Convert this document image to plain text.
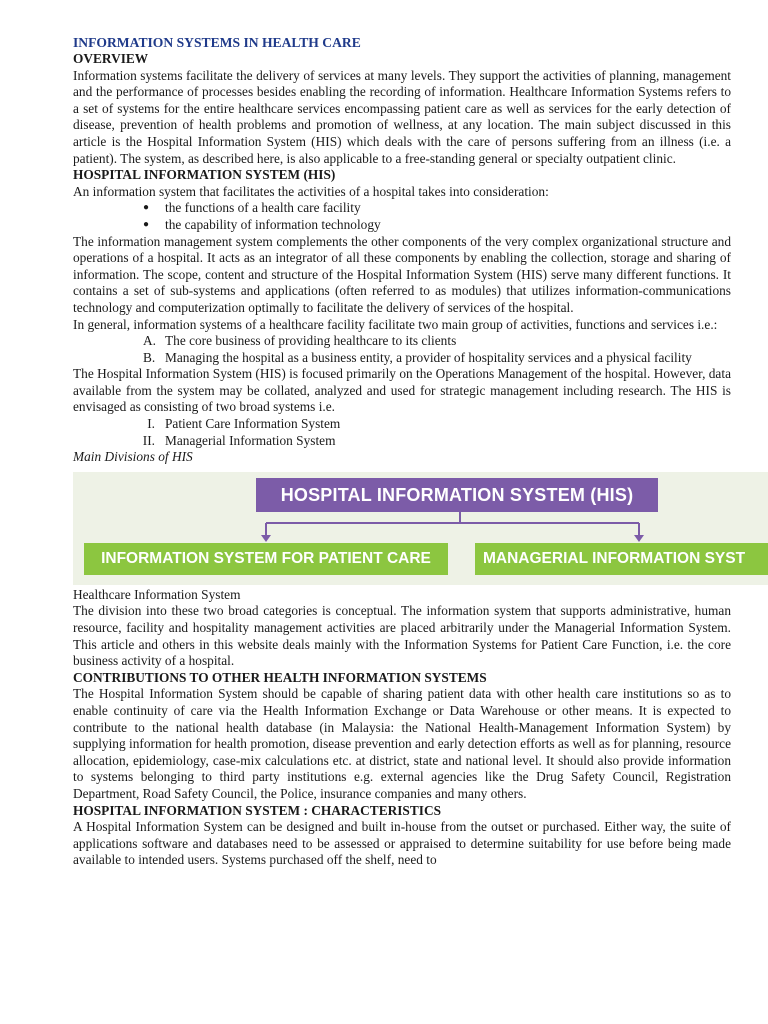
INFORMATION SYSTEMS IN HEALTH CARE
OVERVIEW

Information systems facilitate the delivery of services at many levels. They support the activities of planning, management and the performance of processes besides enabling the recording of information. Healthcare Information Systems refers to a set of systems for the entire healthcare services encompassing patient care as well as services for the early detection of disease, prevention of health problems and promotion of wellness, at any location. The main subject discussed in this article is the Hospital Information System (HIS) which deals with the care of persons suffering from an illness (i.e. a patient). The system, as described here, is also applicable to a free-standing general or specialty outpatient clinic.

HOSPITAL INFORMATION SYSTEM (HIS)

An information system that facilitates the activities of a hospital takes into consideration:

● the functions of a health care facility
● the capability of information technology

The information management system complements the other components of the very complex organizational structure and operations of a hospital. It acts as an integrator of all these components by enabling the collection, storage and sharing of information. The scope, content and structure of the Hospital Information System (HIS) serve many different functions. It contains a set of sub-systems and applications (often referred to as modules) that utilizes information-communications technology and computerization optimally to facilitate the delivery of services of the hospital.

In general, information systems of a healthcare facility facilitate two main group of activities, functions and services i.e.:

A. The core business of providing healthcare to its clients
B. Managing the hospital as a business entity, a provider of hospitality services and a physical facility

The Hospital Information System (HIS) is focused primarily on the Operations Management of the hospital. However, data available from the system may be collated, analyzed and used for strategic management including research. The HIS is envisaged as consisting of two broad systems i.e.

I. Patient Care Information System
II. Managerial Information System

Main Divisions of HIS

HOSPITAL INFORMATION SYSTEM (HIS)
INFORMATION SYSTEM FOR PATIENT CARE	MANAGERIAL INFORMATION SYST

Healthcare Information System

The division into these two broad categories is conceptual. The information system that supports administrative, human resource, facility and hospitality management activities are placed arbitrarily under the Managerial Information System. This article and others in this website deals mainly with the Information Systems for Patient Care Function, i.e. the core business activity of a hospital.

CONTRIBUTIONS TO OTHER HEALTH INFORMATION SYSTEMS

The Hospital Information System should be capable of sharing patient data with other health care institutions so as to enable continuity of care via the Health Information Exchange or Data Warehouse or other means. It is expected to contribute to the national health database (in Malaysia: the National Health-Management Information System) by supplying information for health promotion, disease prevention and early detection efforts as well as for planning, resource allocation, epidemiology, case-mix calculations etc. at district, state and national level. It should also provide information to systems belonging to third party institutions e.g. external agencies like the Drug Safety Council, Registration Department, Road Safety Council, the Police, insurance companies and many others.

HOSPITAL INFORMATION SYSTEM : CHARACTERISTICS

A Hospital Information System can be designed and built in-house from the outset or purchased. Either way, the suite of applications software and databases need to be assessed or appraised to determine suitability for use before being made available to intended users. Systems purchased off the shelf, need to
